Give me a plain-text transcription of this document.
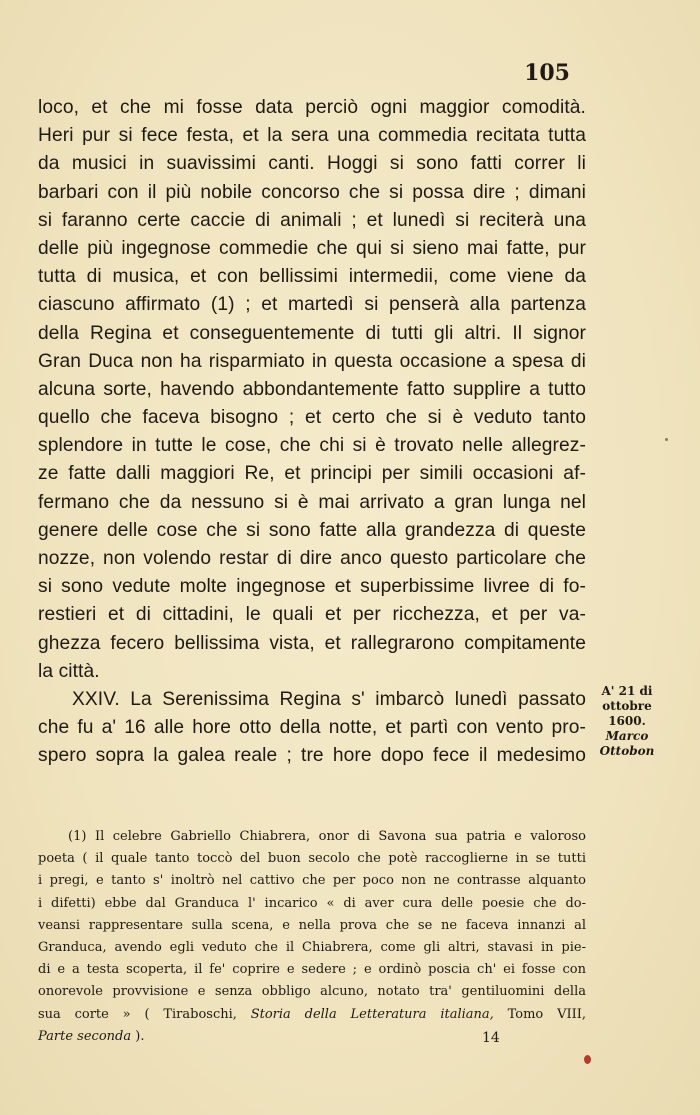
105
loco, et che mi fosse data perciò ogni maggior comodità.
Heri pur si fece festa, et la sera una commedia recitata tutta
da musici in suavissimi canti. Hoggi si sono fatti correr li
barbari con il più nobile concorso che si possa dire ; dimani
si faranno certe caccie di animali ; et lunedì si reciterà una
delle più ingegnose commedie che qui si sieno mai fatte, pur
tutta di musica, et con bellissimi intermedii, come viene da
ciascuno affirmato (1) ; et martedì si penserà alla partenza
della Regina et conseguentemente di tutti gli altri. Il signor
Gran Duca non ha risparmiato in questa occasione a spesa di
alcuna sorte, havendo abbondantemente fatto supplire a tutto
quello che faceva bisogno ; et certo che si è veduto tanto
splendore in tutte le cose, che chi si è trovato nelle allegrez-
ze fatte dalli maggiori Re, et principi per simili occasioni af-
fermano che da nessuno si è mai arrivato a gran lunga nel
genere delle cose che si sono fatte alla grandezza di queste
nozze, non volendo restar di dire anco questo particolare che
si sono vedute molte ingegnose et superbissime livree di fo-
restieri et di cittadini, le quali et per ricchezza, et per va-
ghezza fecero bellissima vista, et rallegrarono compitamente
la città.
XXIV. La Serenissima Regina s' imbarcò lunedì passato
che fu a' 16 alle hore otto della notte, et partì con vento pro-
spero sopra la galea reale ; tre hore dopo fece il medesimo
A' 21 di
ottobre
1600.
Marco
Ottobon
(1) Il celebre Gabriello Chiabrera, onor di Savona sua patria e valoroso
poeta ( il quale tanto toccò del buon secolo che potè raccoglierne in se tutti
i pregi, e tanto s' inoltrò nel cattivo che per poco non ne contrasse alquanto
i difetti) ebbe dal Granduca l' incarico « di aver cura delle poesie che do-
veansi rappresentare sulla scena, e nella prova che se ne faceva innanzi al
Granduca, avendo egli veduto che il Chiabrera, come gli altri, stavasi in pie-
di e a testa scoperta, il fe' coprire e sedere ; e ordinò poscia ch' ei fosse con
onorevole provvisione e senza obbligo alcuno, notato tra' gentiluomini della
sua corte » ( Tiraboschi, Storia della Letteratura italiana, Tomo VIII,
Parte seconda ).	14
